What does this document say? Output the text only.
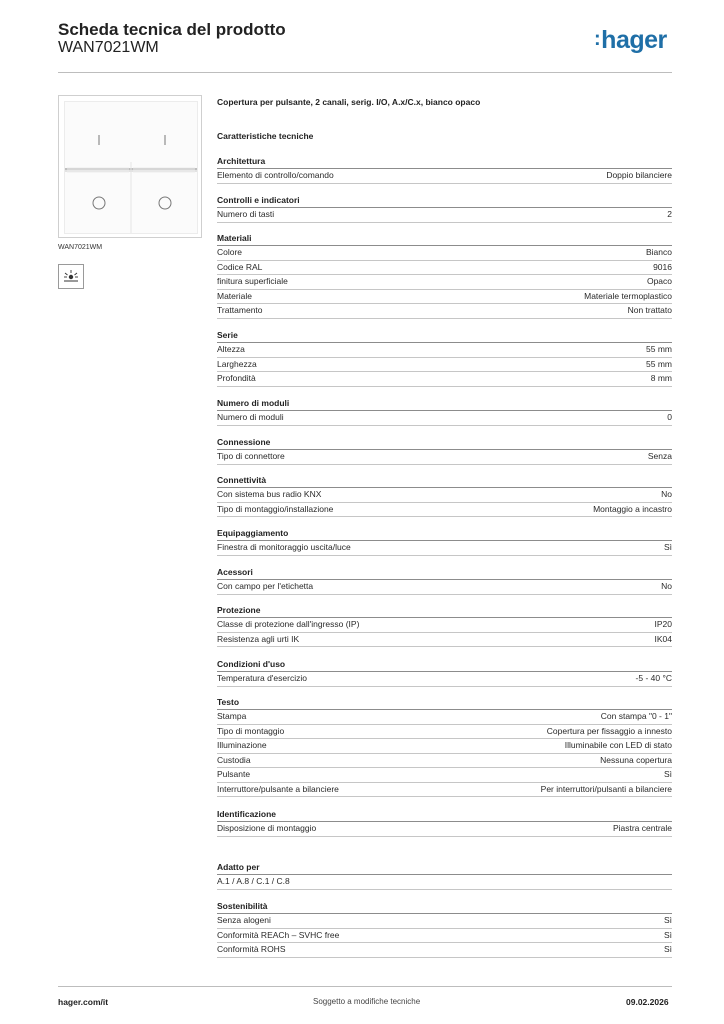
Scheda tecnica del prodotto
WAN7021WM	:hager
WAN7021WM
Copertura per pulsante, 2 canali, serig. I/O, A.x/C.x, bianco opaco
Caratteristiche tecniche
Architettura
Elemento di controllo/comando	Doppio bilanciere
Controlli e indicatori
Numero di tasti	2
Materiali
Colore	Bianco
Codice RAL	9016
finitura superficiale	Opaco
Materiale	Materiale termoplastico
Trattamento	Non trattato
Serie
Altezza	55 mm
Larghezza	55 mm
Profondità	8 mm
Numero di moduli
Numero di moduli	0
Connessione
Tipo di connettore	Senza
Connettività
Con sistema bus radio KNX	No
Tipo di montaggio/installazione	Montaggio a incastro
Equipaggiamento
Finestra di monitoraggio uscita/luce	Sì
Acessori
Con campo per l'etichetta	No
Protezione
Classe di protezione dall'ingresso (IP)	IP20
Resistenza agli urti IK	IK04
Condizioni d'uso
Temperatura d'esercizio	-5 - 40 °C
Testo
Stampa	Con stampa "0 - 1"
Tipo di montaggio	Copertura per fissaggio a innesto
Illuminazione	Illuminabile con LED di stato
Custodia	Nessuna copertura
Pulsante	Sì
Interruttore/pulsante a bilanciere	Per interruttori/pulsanti a bilanciere
Identificazione
Disposizione di montaggio	Piastra centrale
Adatto per
A.1 / A.8 / C.1 / C.8
Sostenibilità
Senza alogeni	Sì
Conformità REACh – SVHC free	Sì
Conformità ROHS	Sì
hager.com/it	Soggetto a modifiche tecniche	09.02.2026
